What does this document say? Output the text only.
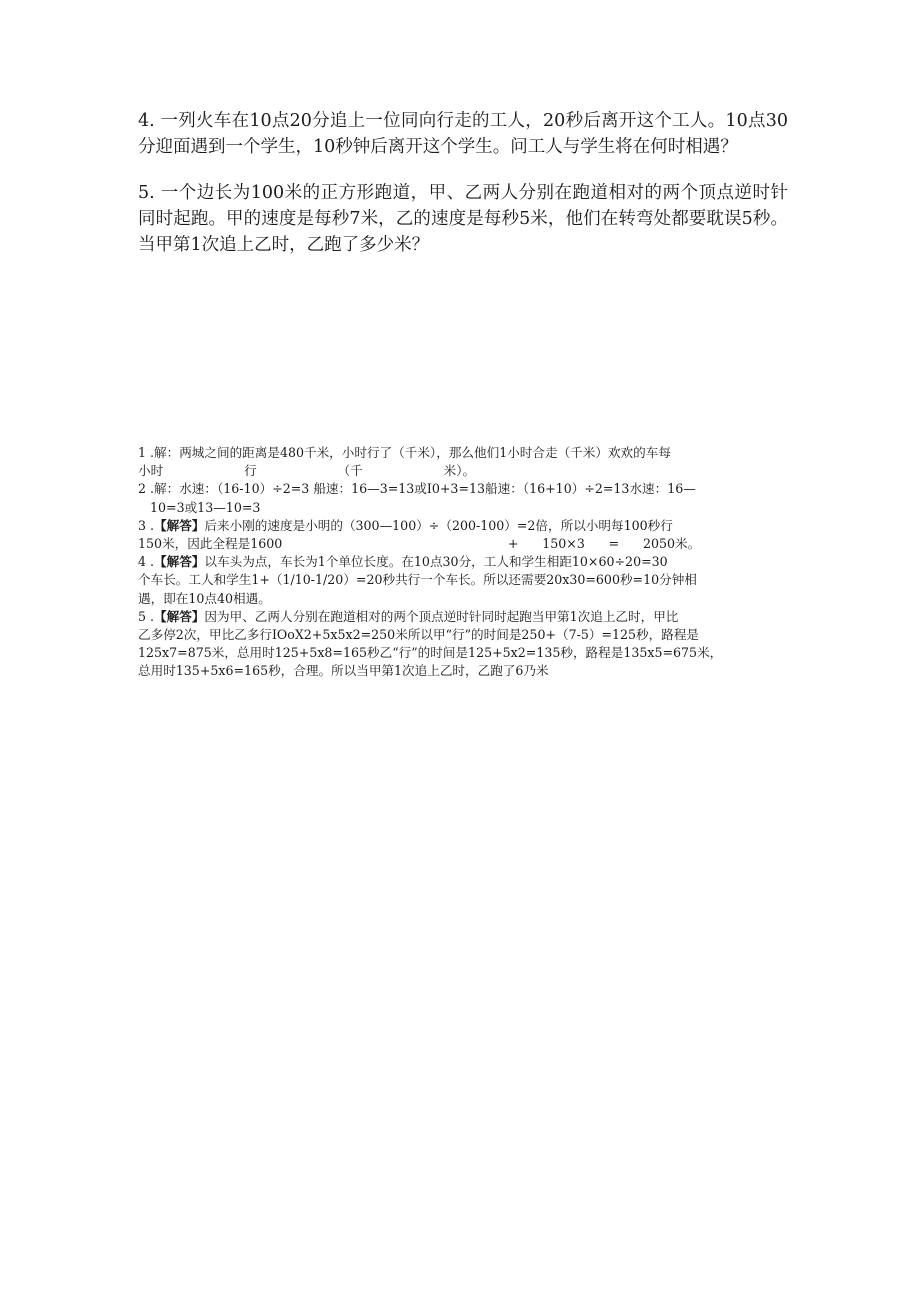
4. 一列火车在10点20分追上一位同向行走的工人，20秒后离开这个工人。10点30分迎面遇到一个学生，10秒钟后离开这个学生。问工人与学生将在何时相遇？

5. 一个边长为100米的正方形跑道，甲、乙两人分别在跑道相对的两个顶点逆时针同时起跑。甲的速度是每秒7米，乙的速度是每秒5米，他们在转弯处都要耽误5秒。当甲第1次追上乙时，乙跑了多少米？

1 .解：两城之间的距离是480千米，小时行了（千米），那么他们1小时合走（千米）欢欢的车每
小时	行	（千	米）。
2 .解：水速：（16-10）÷2=3 船速：16—3=13或I0+3=13船速：（16+10）÷2=13水速：16—
10=3或13—10=3
3 .【解答】后来小刚的速度是小明的（300—100）÷（200-100）=2倍，所以小明每100秒行
150米，因此全程是1600	+ 150×3 = 2050米。
4 .【解答】以车头为点，车长为1个单位长度。在10点30分，工人和学生相距10×60÷20=30
个车长。工人和学生1+（1/10-1/20）=20秒共行一个车长。所以还需要20x30=600秒=10分钟相
遇，即在10点40相遇。
5 .【解答】因为甲、乙两人分别在跑道相对的两个顶点逆时针同时起跑当甲第1次追上乙时，甲比
乙多停2次，甲比乙多行IOoX2+5x5x2=250米所以甲“行”的时间是250+（7-5）=125秒，路程是
125x7=875米，总用时125+5x8=165秒乙“行”的时间是125+5x2=135秒，路程是135x5=675米，
总用时135+5x6=165秒，合理。所以当甲第1次追上乙时，乙跑了6乃米
